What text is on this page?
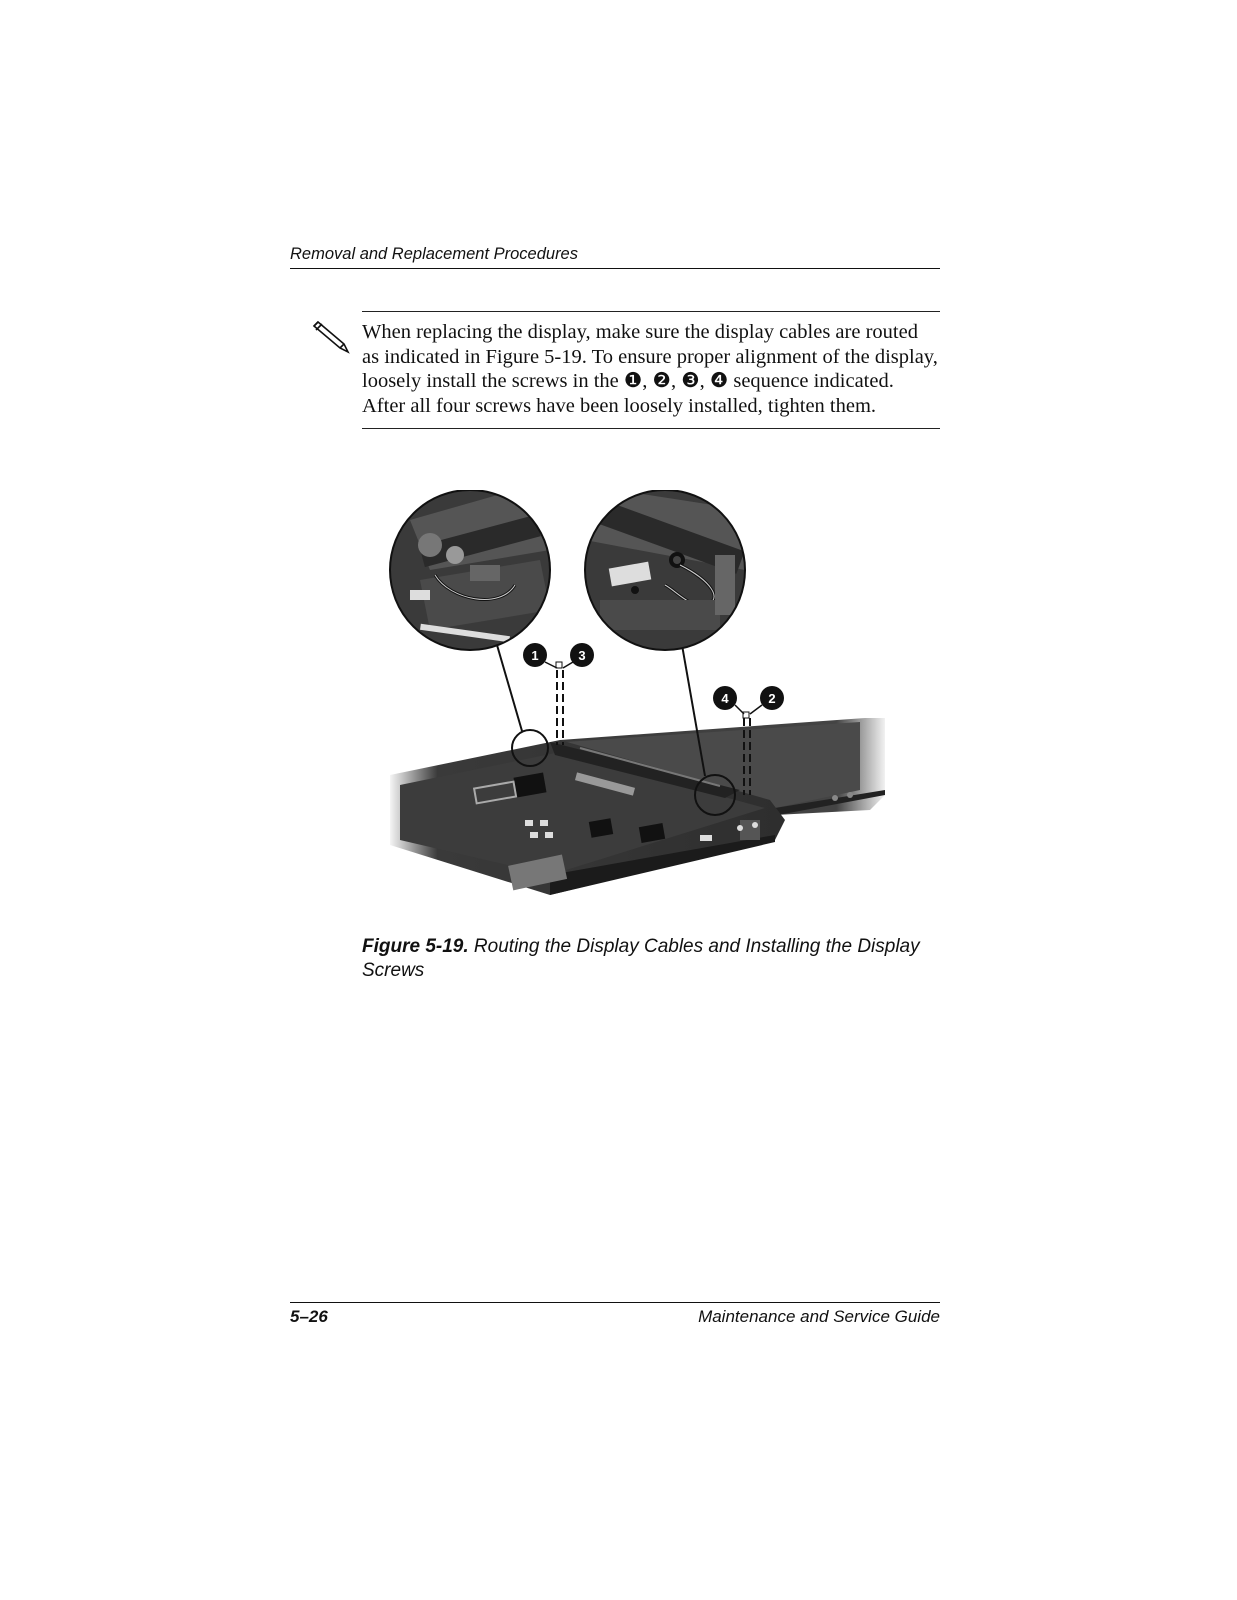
Removal and Replacement Procedures

When replacing the display, make sure the display cables are routed as indicated in Figure 5-19. To ensure proper alignment of the display, loosely install the screws in the ❶, ❷, ❸, ❹ sequence indicated. After all four screws have been loosely installed, tighten them.

1	3
4	2
Figure 5-19. Routing the Display Cables and Installing the Display Screws
5–26	Maintenance and Service Guide
